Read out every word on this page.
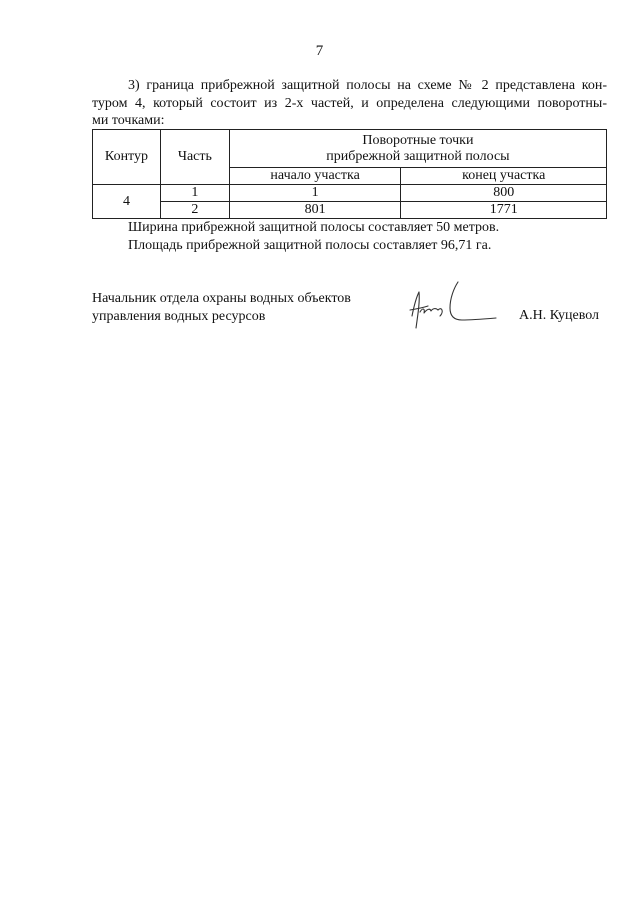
7

3) граница прибрежной защитной полосы на схеме № 2 представлена кон-
туром 4, который состоит из 2-х частей, и определена следующими поворотны-
ми точками:

Контур	Часть	Поворотные точки
прибрежной защитной полосы	
		начало участка	конец участка
4	1	1	800
	2	801	1771
Ширина прибрежной защитной полосы составляет 50 метров.
Площадь прибрежной защитной полосы составляет 96,71 га.
Начальник отдела охраны водных объектов
управления водных ресурсов	А.Н. Куцевол
